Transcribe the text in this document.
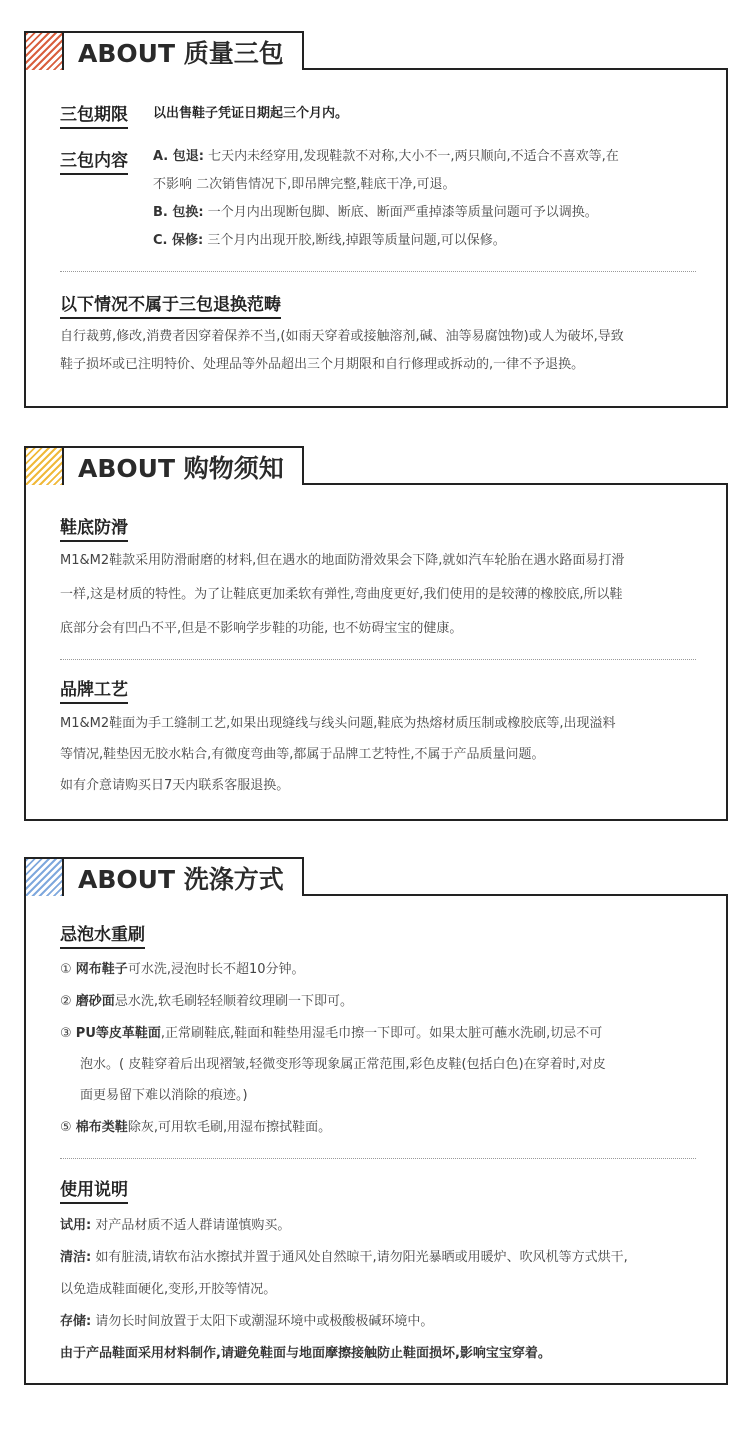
三包期限 以出售鞋子凭证日期起三个月内。
三包内容 A. 包退: 七天内未经穿用,发现鞋款不对称,大小不一,两只顺向,不适合不喜欢等,在
不影响 二次销售情况下,即吊牌完整,鞋底干净,可退。
B. 包换: 一个月内出现断包脚、断底、断面严重掉漆等质量问题可予以调换。
C. 保修: 三个月内出现开胶,断线,掉跟等质量问题,可以保修。
以下情况不属于三包退换范畴
自行裁剪,修改,消费者因穿着保养不当,(如雨天穿着或接触溶剂,碱、油等易腐蚀物)或人为破坏,导致
鞋子损坏或已注明特价、处理品等外品超出三个月期限和自行修理或拆动的,一律不予退换。
ABOUT 质量三包
鞋底防滑
M1&M2鞋款采用防滑耐磨的材料,但在遇水的地面防滑效果会下降,就如汽车轮胎在遇水路面易打滑
一样,这是材质的特性。为了让鞋底更加柔软有弹性,弯曲度更好,我们使用的是较薄的橡胶底,所以鞋
底部分会有凹凸不平,但是不影响学步鞋的功能, 也不妨碍宝宝的健康。
品牌工艺
M1&M2鞋面为手工缝制工艺,如果出现缝线与线头问题,鞋底为热熔材质压制或橡胶底等,出现溢料
等情况,鞋垫因无胶水粘合,有微度弯曲等,都属于品牌工艺特性,不属于产品质量问题。
如有介意请购买日7天内联系客服退换。
ABOUT 购物须知
忌泡水重刷
① 网布鞋子可水洗,浸泡时长不超10分钟。
② 磨砂面忌水洗,软毛刷轻轻顺着纹理刷一下即可。
③ PU等皮革鞋面,正常刷鞋底,鞋面和鞋垫用湿毛巾擦一下即可。如果太脏可蘸水洗刷,切忌不可
泡水。( 皮鞋穿着后出现褶皱,轻微变形等现象属正常范围,彩色皮鞋(包括白色)在穿着时,对皮
面更易留下难以消除的痕迹。)
⑤ 棉布类鞋除灰,可用软毛刷,用湿布擦拭鞋面。
使用说明
试用: 对产品材质不适人群请谨慎购买。
清洁: 如有脏渍,请软布沾水擦拭并置于通风处自然晾干,请勿阳光暴晒或用暖炉、吹风机等方式烘干,
以免造成鞋面硬化,变形,开胶等情况。
存储: 请勿长时间放置于太阳下或潮湿环境中或极酸极碱环境中。
由于产品鞋面采用材料制作,请避免鞋面与地面摩擦接触防止鞋面损坏,影响宝宝穿着。
ABOUT 洗涤方式
